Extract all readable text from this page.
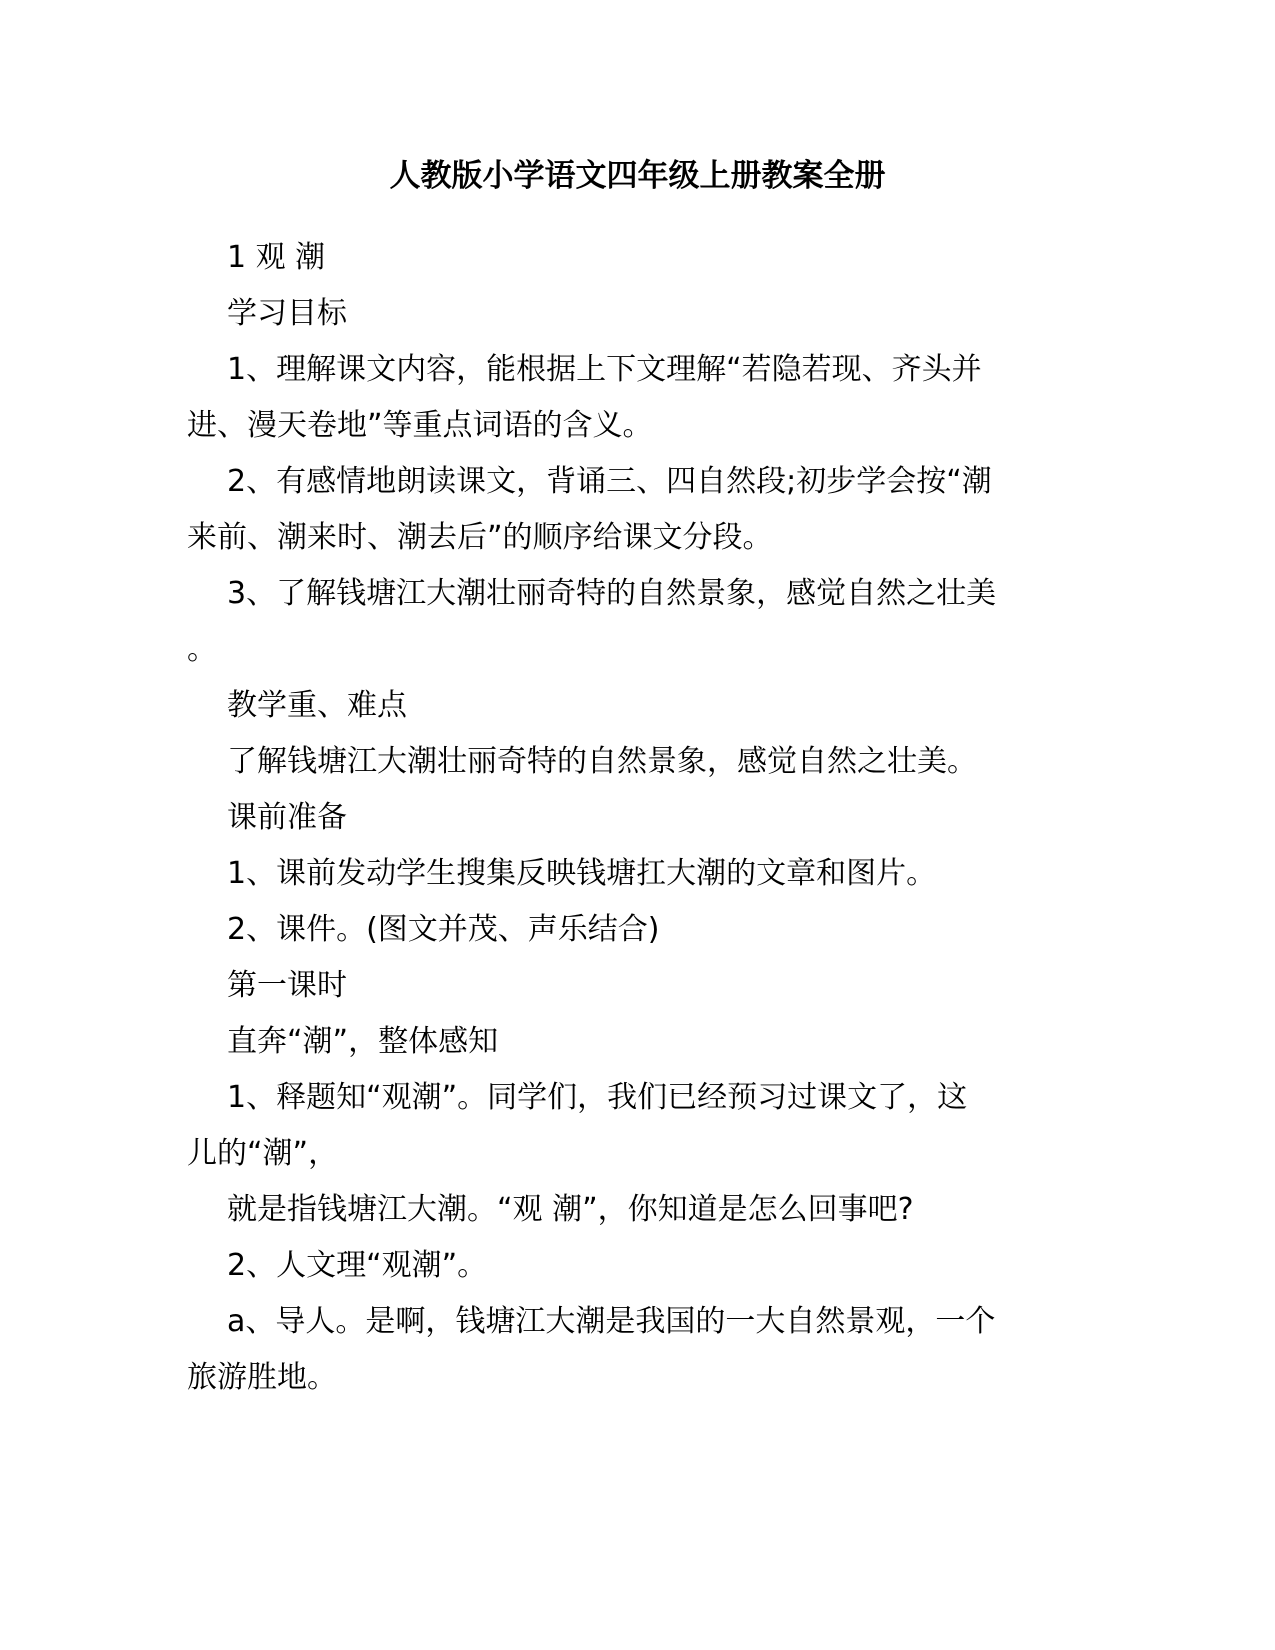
人教版小学语文四年级上册教案全册
1 观 潮
学习目标
1、理解课文内容，能根据上下文理解“若隐若现、齐头并
进、漫天卷地”等重点词语的含义。
2、有感情地朗读课文，背诵三、四自然段;初步学会按“潮
来前、潮来时、潮去后”的顺序给课文分段。
3、了解钱塘江大潮壮丽奇特的自然景象，感觉自然之壮美
。
教学重、难点
了解钱塘江大潮壮丽奇特的自然景象，感觉自然之壮美。
课前准备
1、课前发动学生搜集反映钱塘扛大潮的文章和图片。
2、课件。(图文并茂、声乐结合)
第一课时
直奔“潮”，整体感知
1、释题知“观潮”。同学们，我们已经预习过课文了，这
儿的“潮”，
就是指钱塘江大潮。“观 潮”，你知道是怎么回事吧?
2、人文理“观潮”。
a、导人。是啊，钱塘江大潮是我国的一大自然景观，一个
旅游胜地。
